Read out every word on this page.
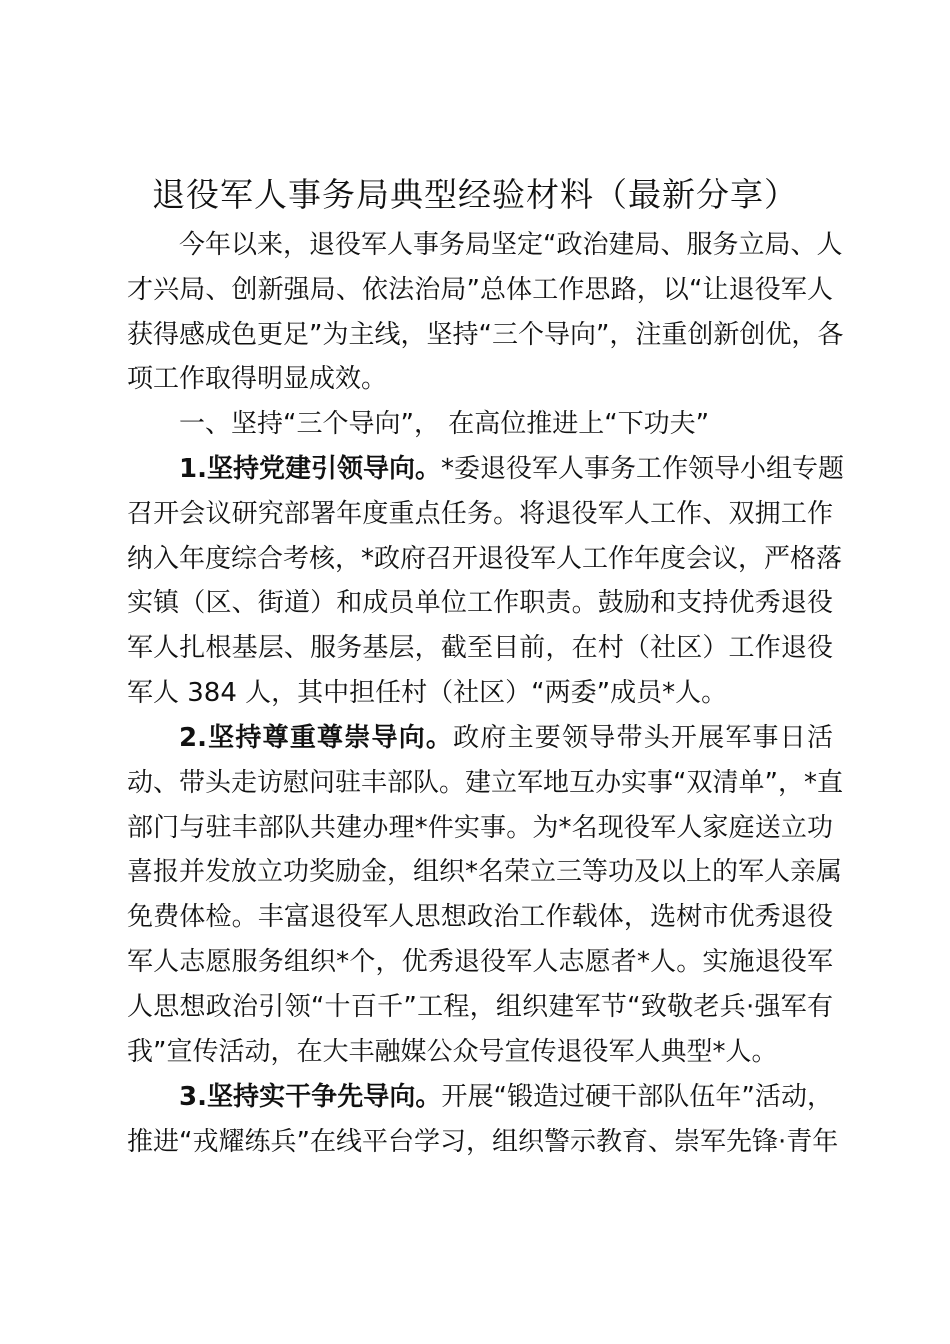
退役军人事务局典型经验材料（最新分享）
今年以来，退役军人事务局坚定“政治建局、服务立局、人
才兴局、创新强局、依法治局”总体工作思路，以“让退役军人
获得感成色更足”为主线，坚持“三个导向”，注重创新创优，各
项工作取得明显成效。
一、坚持“三个导向”， 在高位推进上“下功夫”
1.坚持党建引领导向。*委退役军人事务工作领导小组专题
召开会议研究部署年度重点任务。将退役军人工作、双拥工作
纳入年度综合考核，*政府召开退役军人工作年度会议，严格落
实镇（区、街道）和成员单位工作职责。鼓励和支持优秀退役
军人扎根基层、服务基层，截至目前，在村（社区）工作退役
军人 384 人，其中担任村（社区）“两委”成员*人。
2.坚持尊重尊崇导向。政府主要领导带头开展军事日活
动、带头走访慰问驻丰部队。建立军地互办实事“双清单”，*直
部门与驻丰部队共建办理*件实事。为*名现役军人家庭送立功
喜报并发放立功奖励金，组织*名荣立三等功及以上的军人亲属
免费体检。丰富退役军人思想政治工作载体，选树市优秀退役
军人志愿服务组织*个，优秀退役军人志愿者*人。实施退役军
人思想政治引领“十百千”工程，组织建军节“致敬老兵·强军有
我”宣传活动，在大丰融媒公众号宣传退役军人典型*人。
3.坚持实干争先导向。开展“锻造过硬干部队伍年”活动，
推进“戎耀练兵”在线平台学习，组织警示教育、崇军先锋·青年
